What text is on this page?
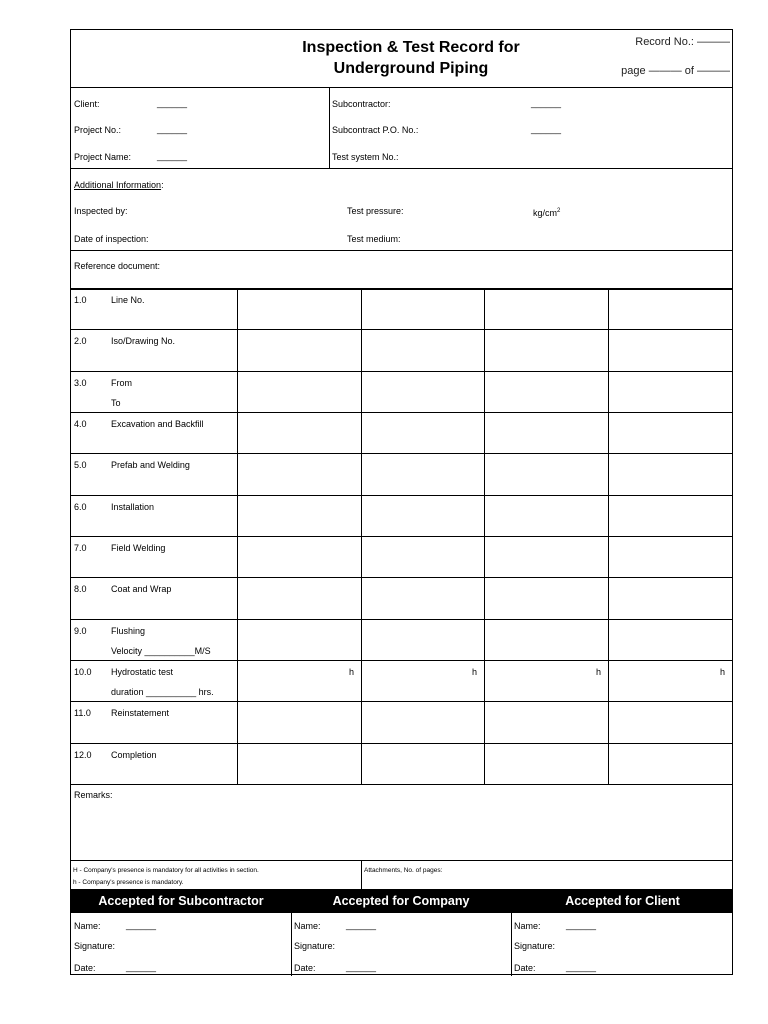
Inspection & Test Record for
Underground Piping
Record No.: ———
page ——— of ———
Client:	______
Project No.:	______
Project Name:	______
Subcontractor:	______
Subcontract P.O. No.:	______
Test system No.:
Additional Information:
Inspected by:
Date of inspection:
Test pressure:	$kg/cm^2$
Test medium:
Reference document:
1.0	Line No.
2.0	Iso/Drawing No.
3.0	From
To
4.0	Excavation and Backfill
5.0	Prefab and Welding
6.0	Installation
7.0	Field Welding
8.0	Coat and Wrap
9.0	Flushing
Velocity __________M/S
10.0 Hydrostatic test
duration __________ hrs.
h	h	h	h
11.0 Reinstatement
12.0 Completion
Remarks:
H - Company's presence is mandatory for all activities in section.
h - Company's presence is mandatory.
Attachments, No. of pages:
Accepted for Subcontractor	Accepted for Company	Accepted for Client
Name:	______
Signature:
Date:	______
Name:	______
Signature:
Date:	______
Name:	______
Signature:
Date:	______
